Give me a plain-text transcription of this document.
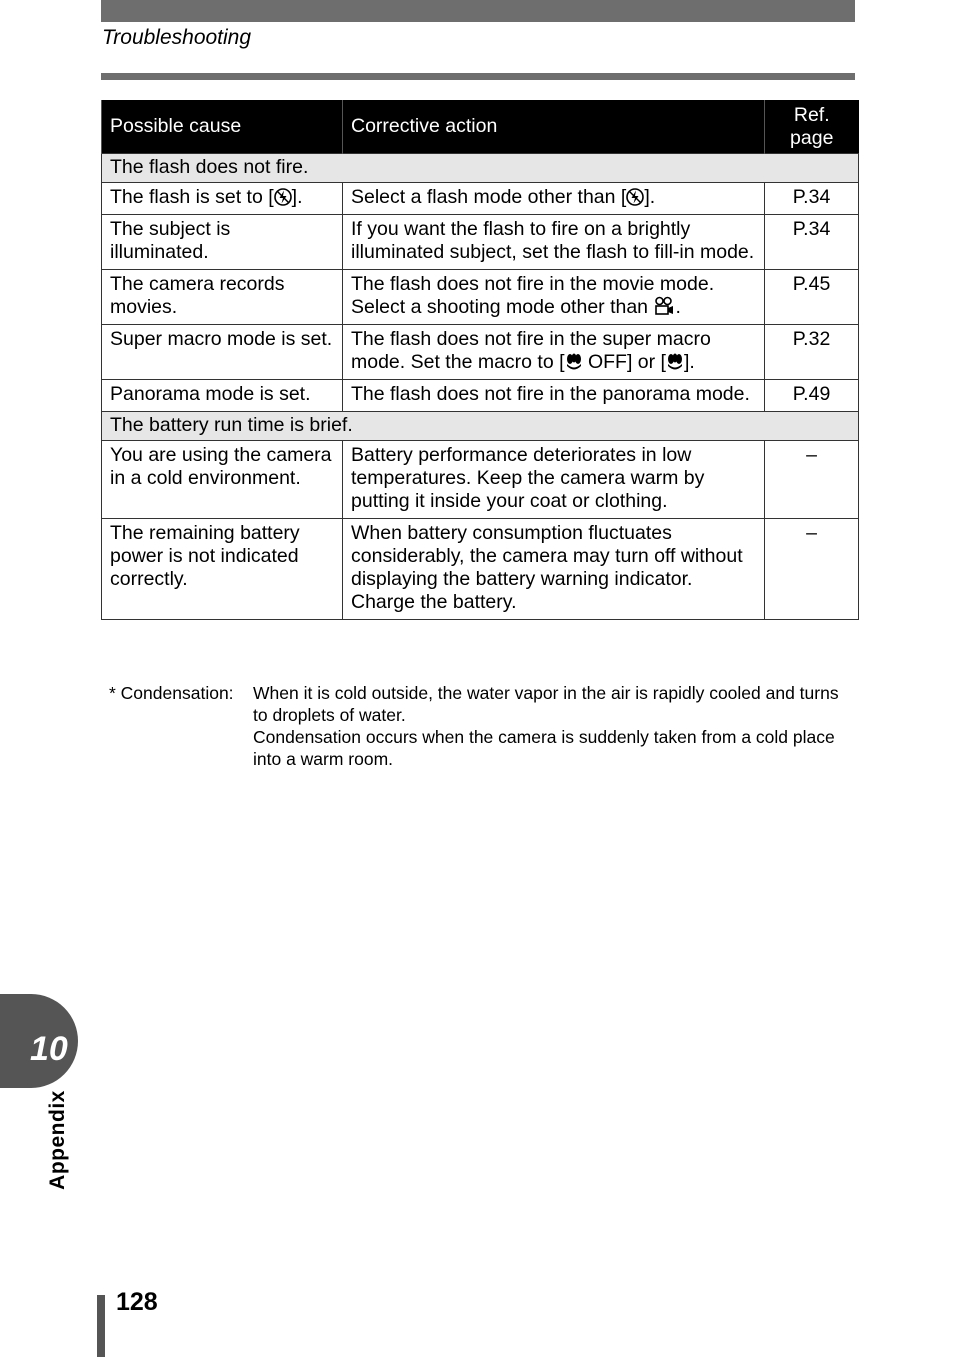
Troubleshooting
Possible cause	Corrective action	Ref. page
The flash does not fire.		
The flash is set to [ ].	Select a flash mode other than [ ].	P.34
The subject is illuminated.	If you want the flash to fire on a brightly illuminated subject, set the flash to fill-in mode.	P.34
The camera records movies.	The flash does not fire in the movie mode. Select a shooting mode other than .	P.45
Super macro mode is set.	The flash does not fire in the super macro mode. Set the macro to [ OFF] or [ ].	P.32
Panorama mode is set.	The flash does not fire in the panorama mode.	P.49
The battery run time is brief.		
You are using the camera in a cold environment.	Battery performance deteriorates in low temperatures. Keep the camera warm by putting it inside your coat or clothing.	–
The remaining battery power is not indicated correctly.	When battery consumption fluctuates considerably, the camera may turn off without displaying the battery warning indicator. Charge the battery.	–
* Condensation: When it is cold outside, the water vapor in the air is rapidly cooled and turns to droplets of water.
Condensation occurs when the camera is suddenly taken from a cold place into a warm room.
10
Appendix
128
